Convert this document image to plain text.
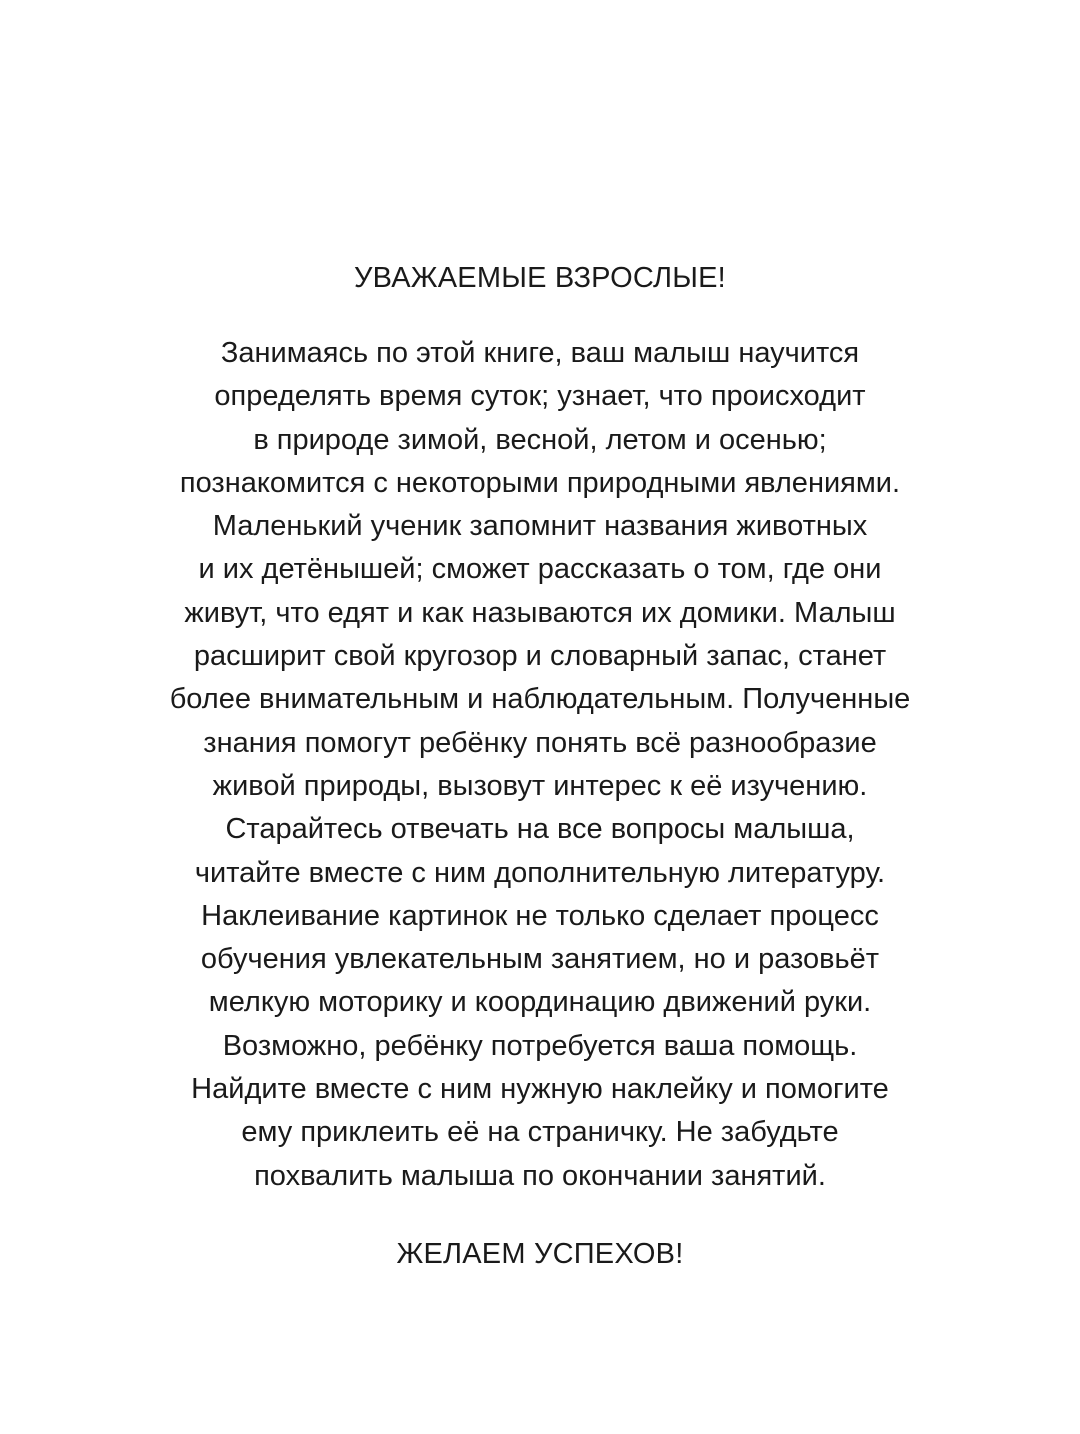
УВАЖАЕМЫЕ ВЗРОСЛЫЕ!
Занимаясь по этой книге, ваш малыш научится
определять время суток; узнает, что происходит
в природе зимой, весной, летом и осенью;
познакомится с некоторыми природными явлениями.
Маленький ученик запомнит названия животных
и их детёнышей; сможет рассказать о том, где они
живут, что едят и как называются их домики. Малыш
расширит свой кругозор и словарный запас, станет
более внимательным и наблюдательным. Полученные
знания помогут ребёнку понять всё разнообразие
живой природы, вызовут интерес к её изучению.
Старайтесь отвечать на все вопросы малыша,
читайте вместе с ним дополнительную литературу.
Наклеивание картинок не только сделает процесс
обучения увлекательным занятием, но и разовьёт
мелкую моторику и координацию движений руки.
Возможно, ребёнку потребуется ваша помощь.
Найдите вместе с ним нужную наклейку и помогите
ему приклеить её на страничку. Не забудьте
похвалить малыша по окончании занятий.
ЖЕЛАЕМ УСПЕХОВ!
